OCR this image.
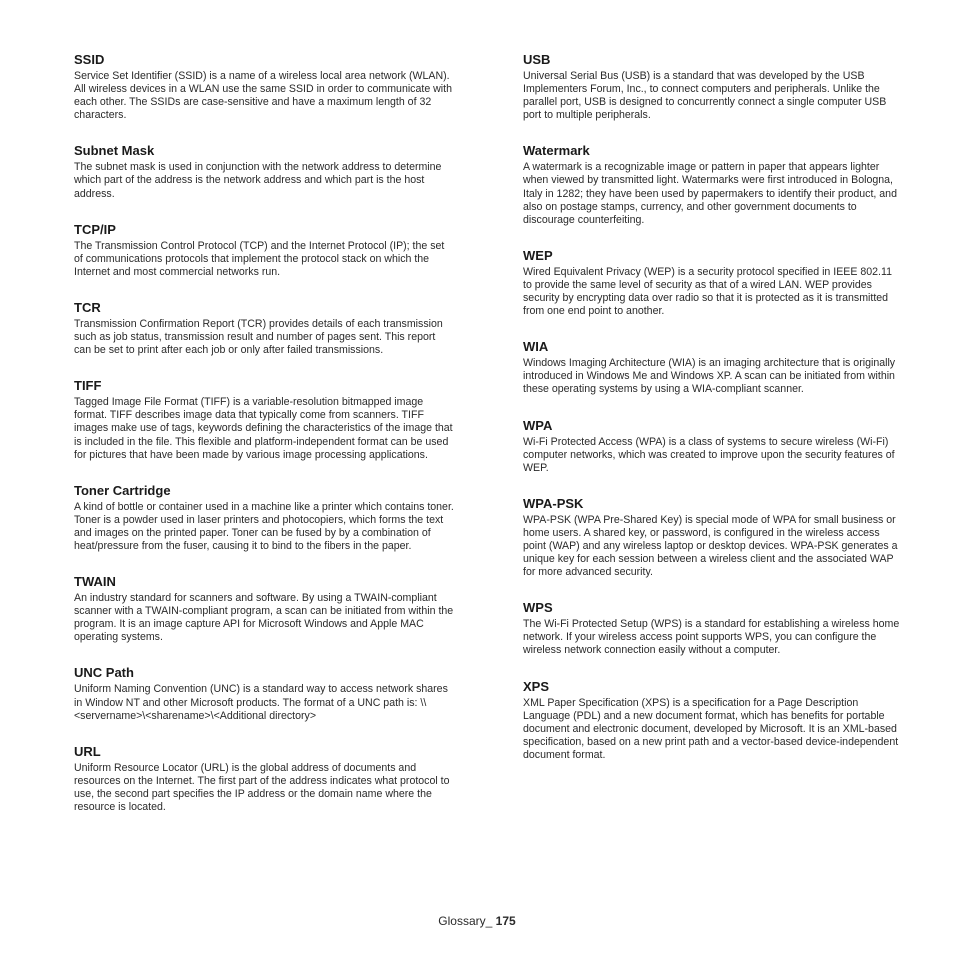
SSID

Service Set Identifier (SSID) is a name of a wireless local area network (WLAN). All wireless devices in a WLAN use the same SSID in order to communicate with each other. The SSIDs are case-sensitive and have a maximum length of 32 characters.

Subnet Mask

The subnet mask is used in conjunction with the network address to determine which part of the address is the network address and which part is the host address.

TCP/IP

The Transmission Control Protocol (TCP) and the Internet Protocol (IP); the set of communications protocols that implement the protocol stack on which the Internet and most commercial networks run.

TCR

Transmission Confirmation Report (TCR) provides details of each transmission such as job status, transmission result and number of pages sent. This report can be set to print after each job or only after failed transmissions.

TIFF

Tagged Image File Format (TIFF) is a variable-resolution bitmapped image format. TIFF describes image data that typically come from scanners. TIFF images make use of tags, keywords defining the characteristics of the image that is included in the file. This flexible and platform-independent format can be used for pictures that have been made by various image processing applications.

Toner Cartridge

A kind of bottle or container used in a machine like a printer which contains toner. Toner is a powder used in laser printers and photocopiers, which forms the text and images on the printed paper. Toner can be fused by by a combination of heat/pressure from the fuser, causing it to bind to the fibers in the paper.

TWAIN

An industry standard for scanners and software. By using a TWAIN-compliant scanner with a TWAIN-compliant program, a scan can be initiated from within the program. It is an image capture API for Microsoft Windows and Apple MAC operating systems.

UNC Path

Uniform Naming Convention (UNC) is a standard way to access network shares in Window NT and other Microsoft products. The format of a UNC path is: \\<servername>\<sharename>\<Additional directory>

URL

Uniform Resource Locator (URL) is the global address of documents and resources on the Internet. The first part of the address indicates what protocol to use, the second part specifies the IP address or the domain name where the resource is located.

USB

Universal Serial Bus (USB) is a standard that was developed by the USB Implementers Forum, Inc., to connect computers and peripherals. Unlike the parallel port, USB is designed to concurrently connect a single computer USB port to multiple peripherals.

Watermark

A watermark is a recognizable image or pattern in paper that appears lighter when viewed by transmitted light. Watermarks were first introduced in Bologna, Italy in 1282; they have been used by papermakers to identify their product, and also on postage stamps, currency, and other government documents to discourage counterfeiting.

WEP

Wired Equivalent Privacy (WEP) is a security protocol specified in IEEE 802.11 to provide the same level of security as that of a wired LAN. WEP provides security by encrypting data over radio so that it is protected as it is transmitted from one end point to another.

WIA

Windows Imaging Architecture (WIA) is an imaging architecture that is originally introduced in Windows Me and Windows XP. A scan can be initiated from within these operating systems by using a WIA-compliant scanner.

WPA

Wi-Fi Protected Access (WPA) is a class of systems to secure wireless (Wi-Fi) computer networks, which was created to improve upon the security features of WEP.

WPA-PSK

WPA-PSK (WPA Pre-Shared Key) is special mode of WPA for small business or home users. A shared key, or password, is configured in the wireless access point (WAP) and any wireless laptop or desktop devices. WPA-PSK generates a unique key for each session between a wireless client and the associated WAP for more advanced security.

WPS

The Wi-Fi Protected Setup (WPS) is a standard for establishing a wireless home network. If your wireless access point supports WPS, you can configure the wireless network connection easily without a computer.

XPS

XML Paper Specification (XPS) is a specification for a Page Description Language (PDL) and a new document format, which has benefits for portable document and electronic document, developed by Microsoft. It is an XML-based specification, based on a new print path and a vector-based device-independent document format.

Glossary_ 175
